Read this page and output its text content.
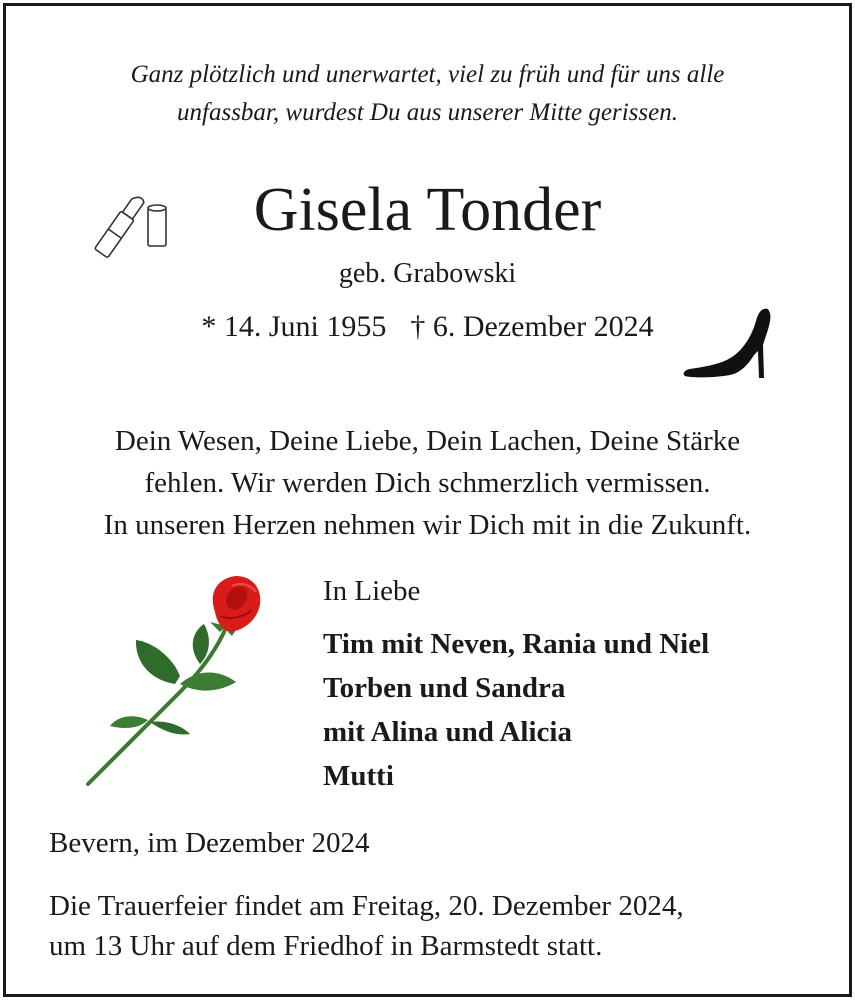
Ganz plötzlich und unerwartet, viel zu früh und für uns alle
unfassbar, wurdest Du aus unserer Mitte gerissen.
Gisela Tonder
geb. Grabowski
* 14. Juni 1955 † 6. Dezember 2024
Dein Wesen, Deine Liebe, Dein Lachen, Deine Stärke
fehlen. Wir werden Dich schmerzlich vermissen.
In unseren Herzen nehmen wir Dich mit in die Zukunft.
In Liebe
Tim mit Neven, Rania und Niel
Torben und Sandra
mit Alina und Alicia
Mutti
Bevern, im Dezember 2024
Die Trauerfeier findet am Freitag, 20. Dezember 2024,
um 13 Uhr auf dem Friedhof in Barmstedt statt.
